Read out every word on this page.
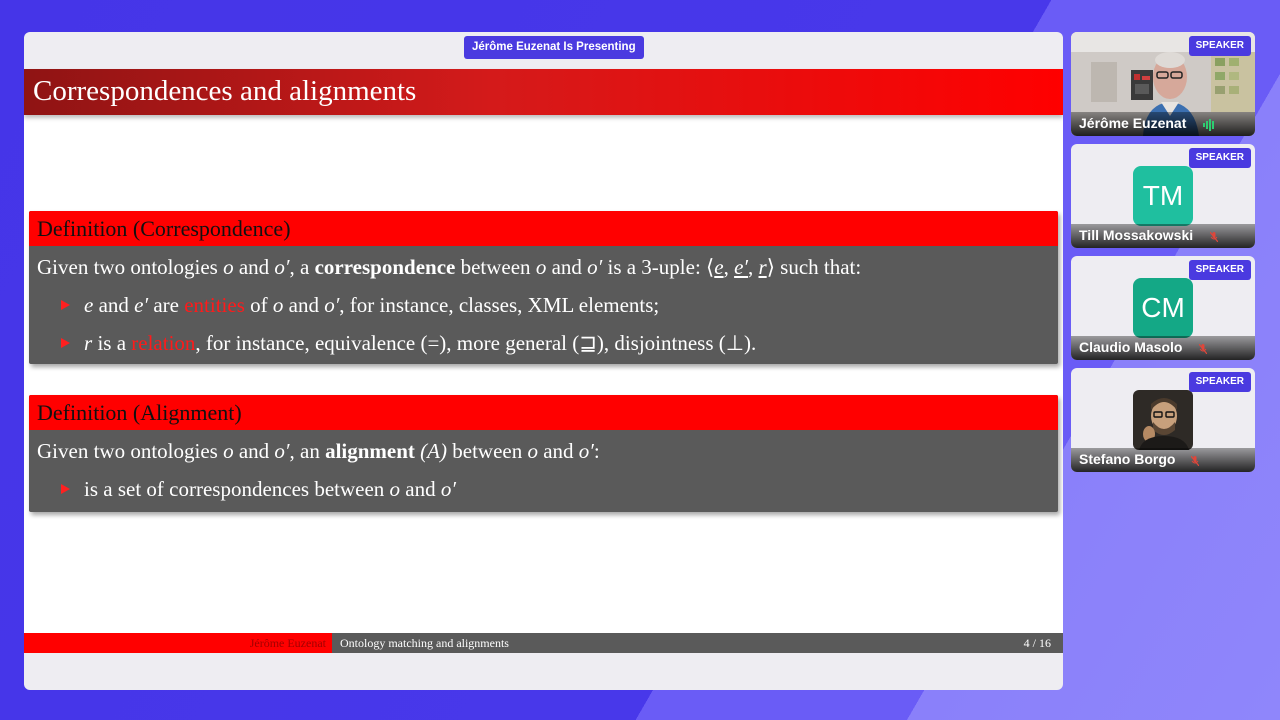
Jérôme Euzenat Is Presenting
Correspondences and alignments
Definition (Correspondence)
Given two ontologies o and o′, a correspondence between o and o′ is a 3-uple: ⟨e, e′, r⟩ such that:
e and e′ are entities of o and o′, for instance, classes, XML elements;
r is a relation, for instance, equivalence (=), more general (⊒), disjointness (⊥).
Definition (Alignment)
Given two ontologies o and o′, an alignment (A) between o and o′:
is a set of correspondences between o and o′
Jérôme Euzenat	Ontology matching and alignments	4 / 16
SPEAKER
Jérôme Euzenat
TM
SPEAKER
Till Mossakowski
CM
SPEAKER
Claudio Masolo
SPEAKER
Stefano Borgo
